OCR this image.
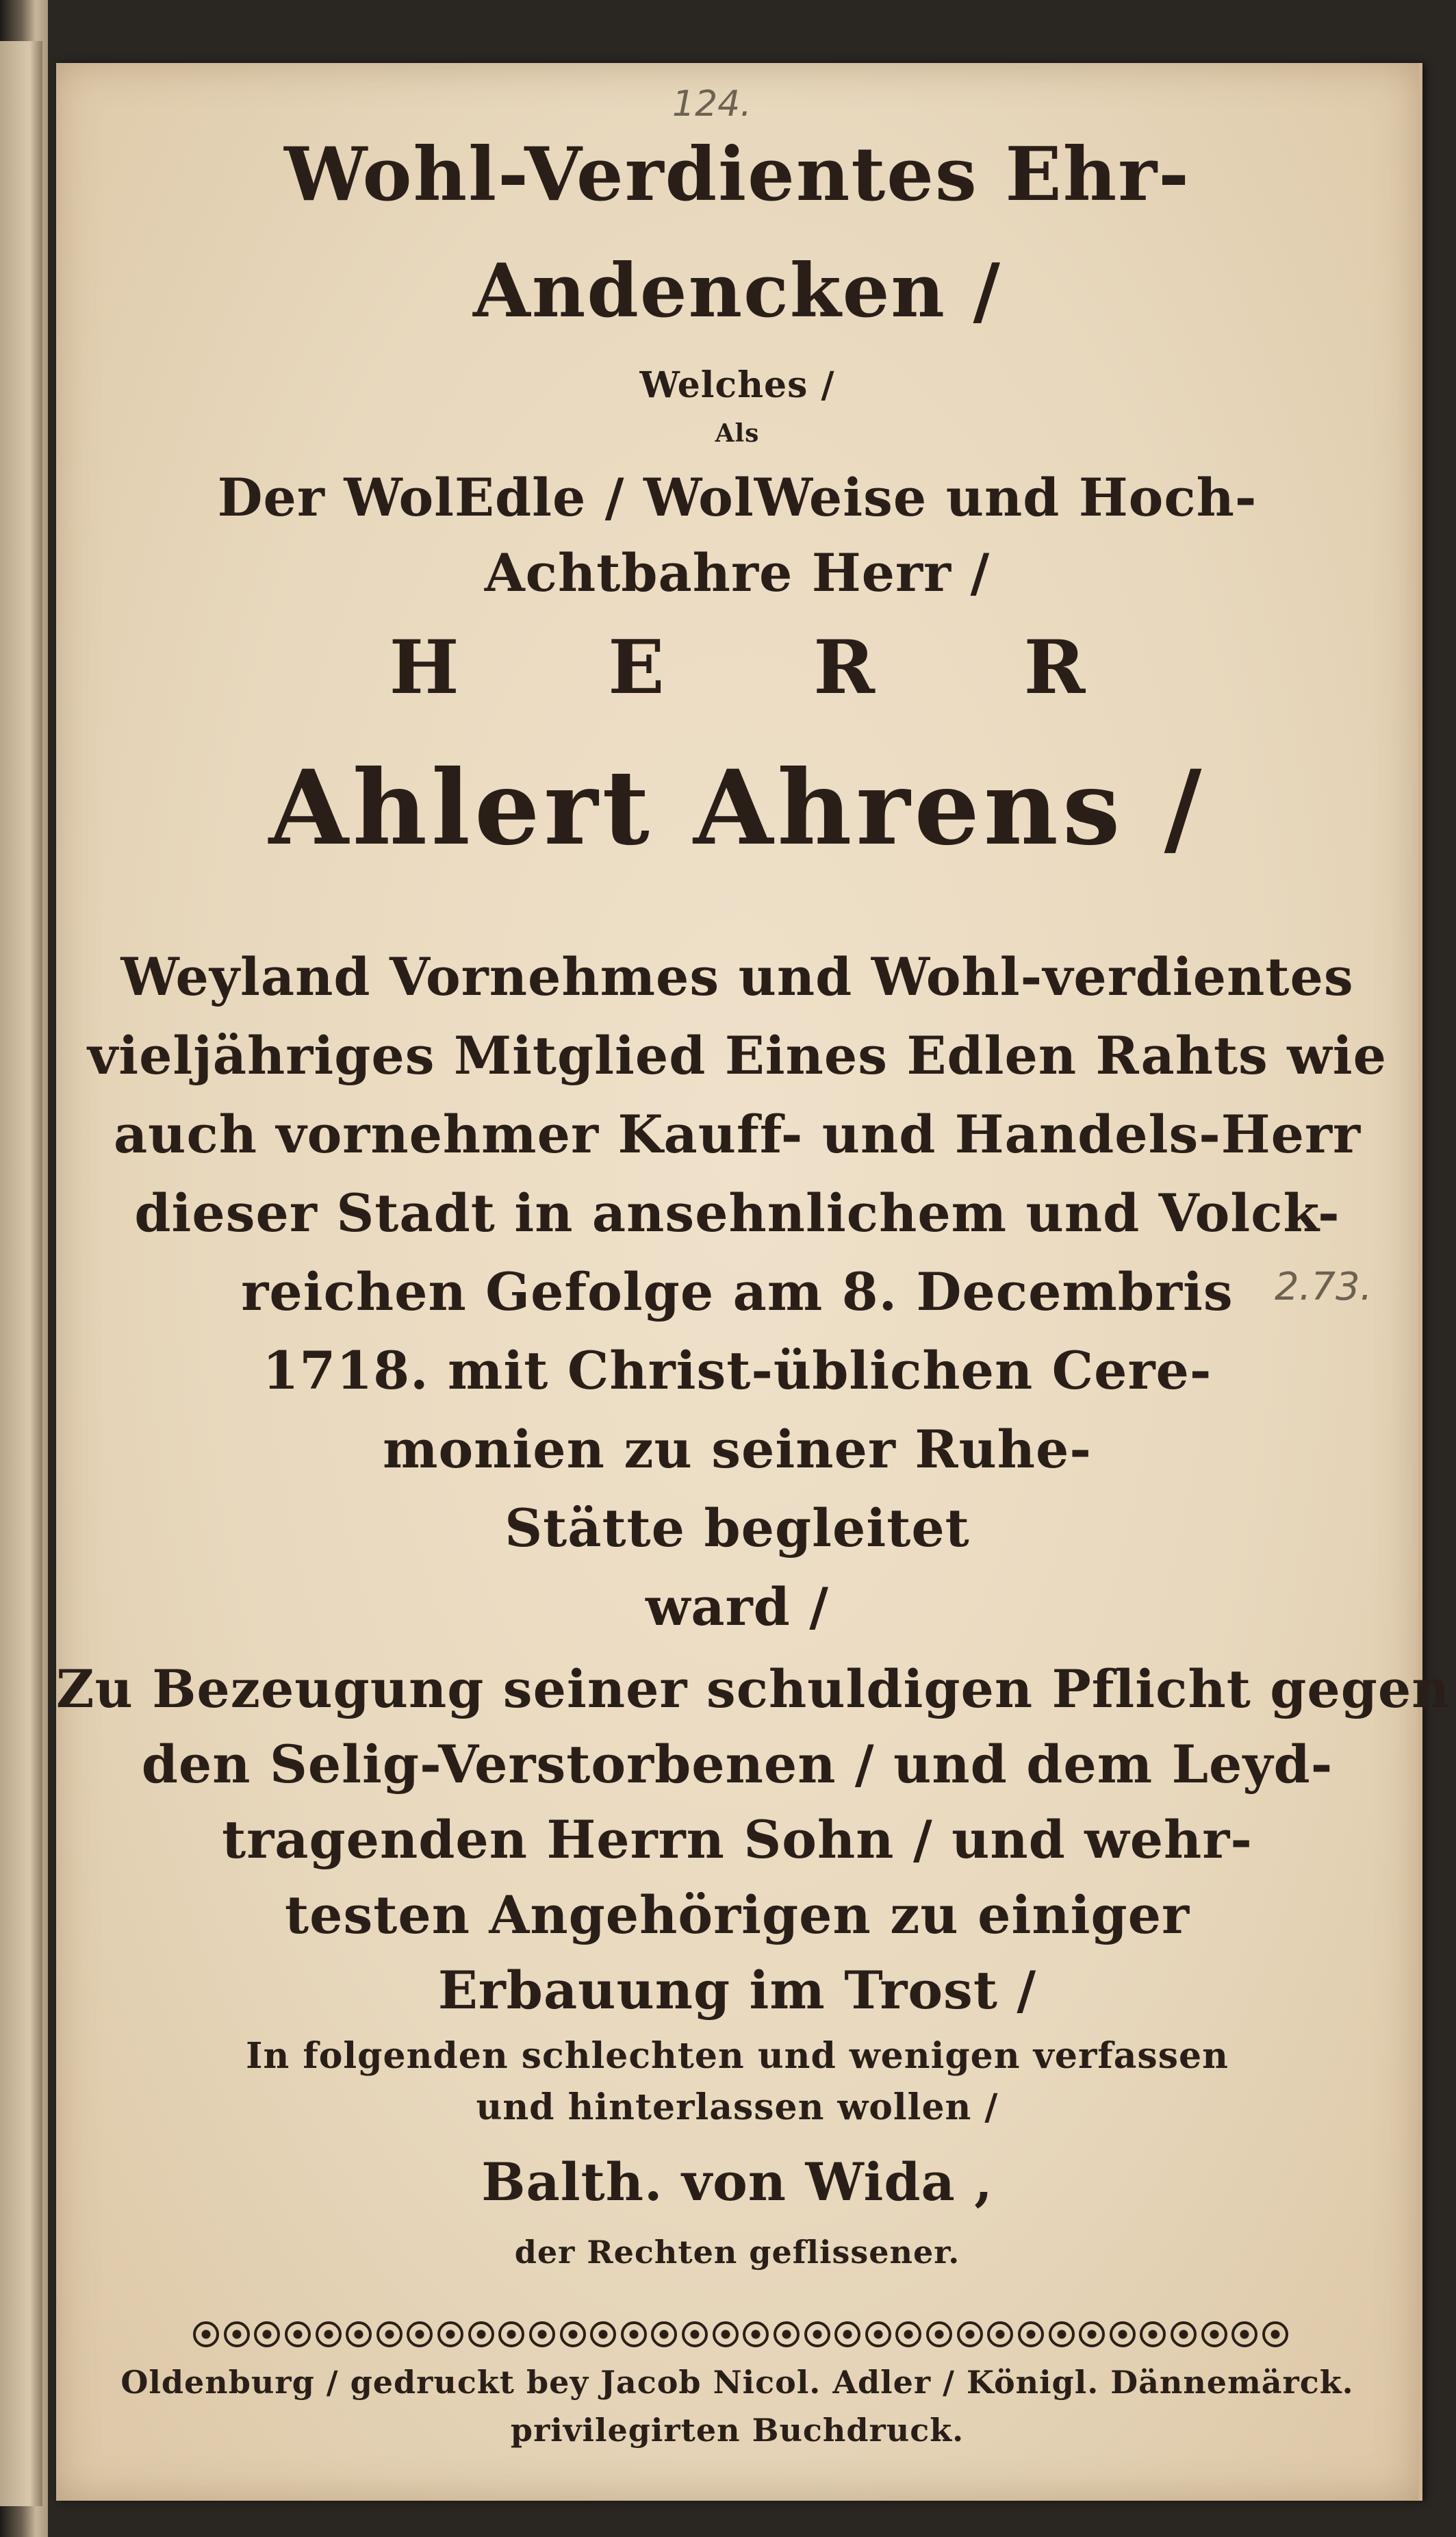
124.
2.73.
Wohl-Verdientes Ehr-
Andencken /
Welches /
Als
Der WolEdle / WolWeise und Hoch-
Achtbahre Herr /
H E R R
Ahlert Ahrens /
Weyland Vornehmes und Wohl-verdientes
vieljähriges Mitglied Eines Edlen Rahts wie
auch vornehmer Kauff- und Handels-Herr
dieser Stadt in ansehnlichem und Volck-
reichen Gefolge am 8. Decembris
1718. mit Christ-üblichen Cere-
monien zu seiner Ruhe-
Stätte begleitet
ward /
Zu Bezeugung seiner schuldigen Pflicht gegen
den Selig-Verstorbenen / und dem Leyd-
tragenden Herrn Sohn / und wehr-
testen Angehörigen zu einiger
Erbauung im Trost /
In folgenden schlechten und wenigen verfassen
und hinterlassen wollen /
Balth. von Wida ,
der Rechten geflissener.
Oldenburg / gedruckt bey Jacob Nicol. Adler / Königl. Dännemärck.
privilegirten Buchdruck.
